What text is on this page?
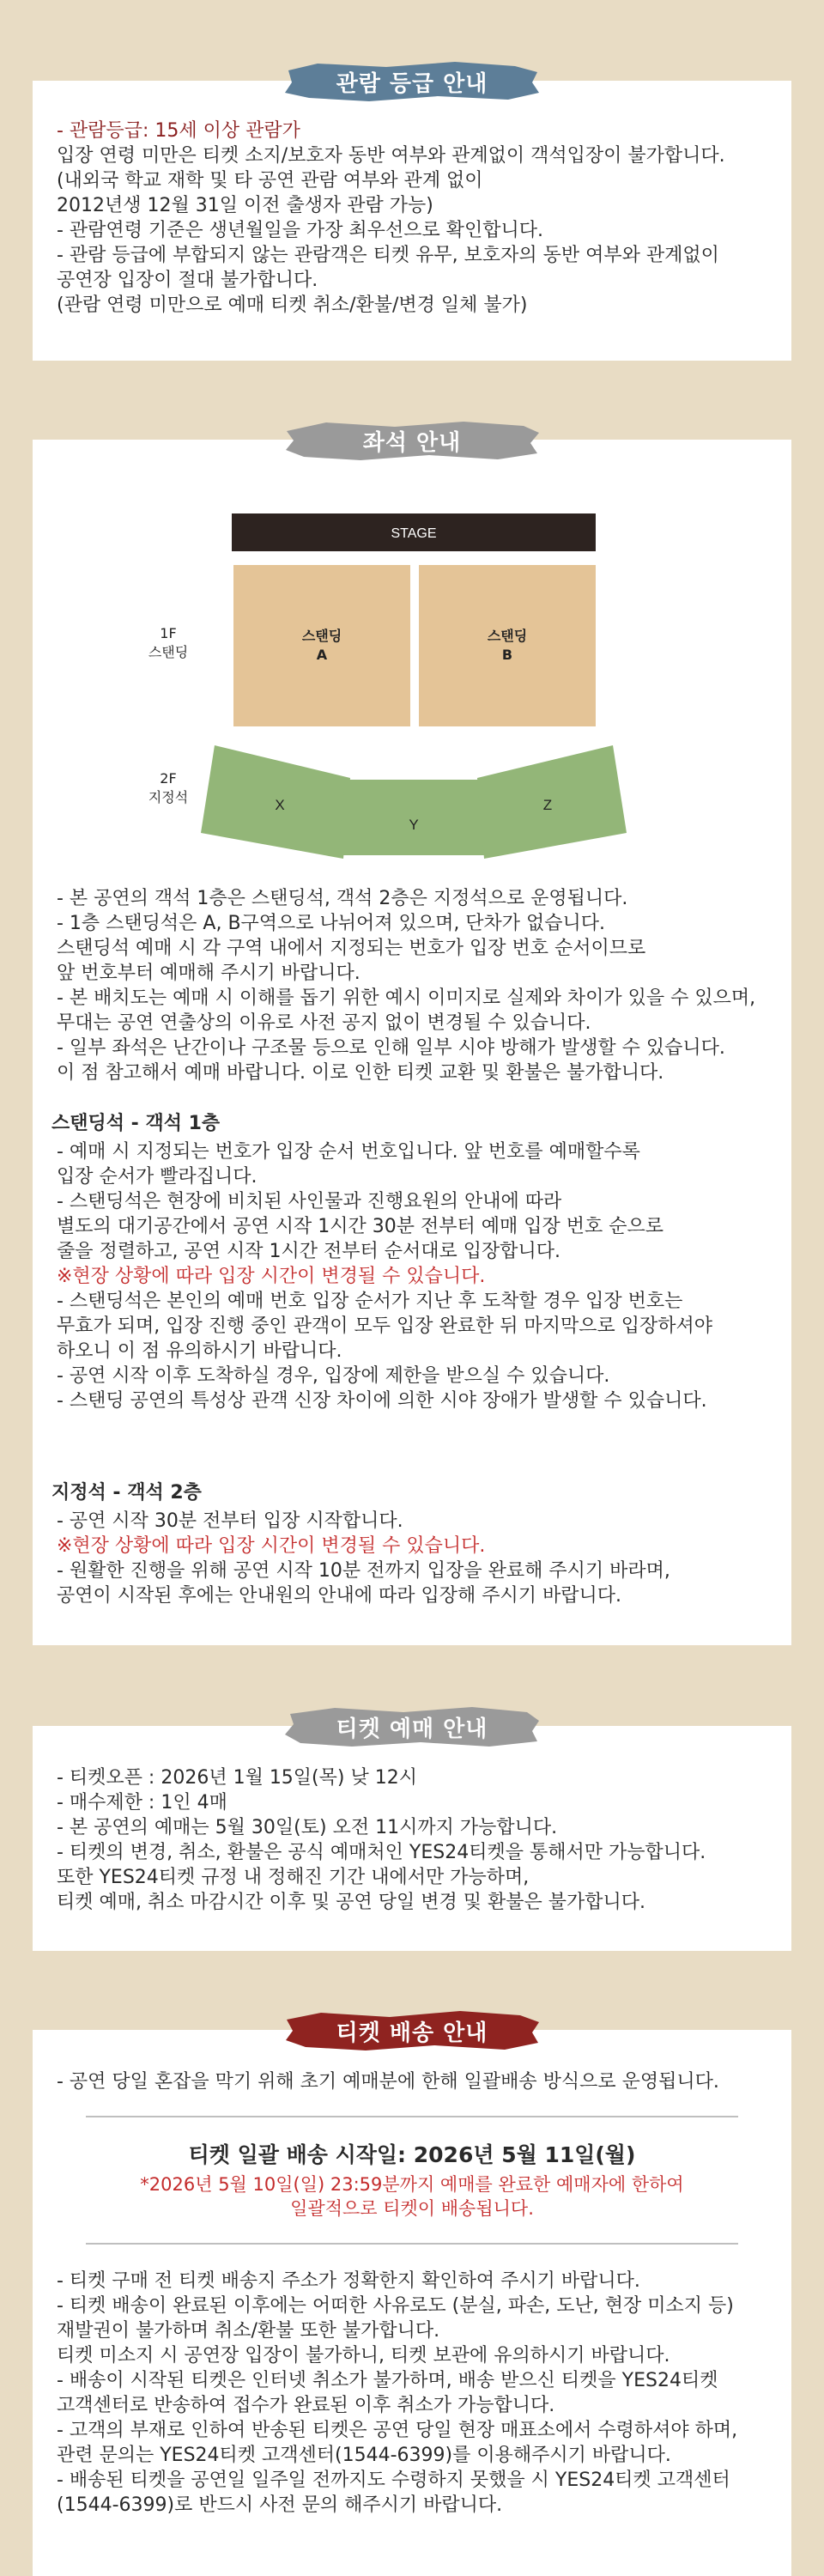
관람 등급 안내
- 관람등급: 15세 이상 관람가
입장 연령 미만은 티켓 소지/보호자 동반 여부와 관계없이 객석입장이 불가합니다.
(내외국 학교 재학 및 타 공연 관람 여부와 관계 없이
2012년생 12월 31일 이전 출생자 관람 가능)
- 관람연령 기준은 생년월일을 가장 최우선으로 확인합니다.
- 관람 등급에 부합되지 않는 관람객은 티켓 유무, 보호자의 동반 여부와 관계없이
공연장 입장이 절대 불가합니다.
(관람 연령 미만으로 예매 티켓 취소/환불/변경 일체 불가)
좌석 안내
STAGE
스탠딩
A
스탠딩
B
1F
스탠딩
X
Y
Z
2F
지정석
- 본 공연의 객석 1층은 스탠딩석, 객석 2층은 지정석으로 운영됩니다.
- 1층 스탠딩석은 A, B구역으로 나뉘어져 있으며, 단차가 없습니다.
스탠딩석 예매 시 각 구역 내에서 지정되는 번호가 입장 번호 순서이므로
앞 번호부터 예매해 주시기 바랍니다.
- 본 배치도는 예매 시 이해를 돕기 위한 예시 이미지로 실제와 차이가 있을 수 있으며,
무대는 공연 연출상의 이유로 사전 공지 없이 변경될 수 있습니다.
- 일부 좌석은 난간이나 구조물 등으로 인해 일부 시야 방해가 발생할 수 있습니다.
이 점 참고해서 예매 바랍니다. 이로 인한 티켓 교환 및 환불은 불가합니다.
스탠딩석 - 객석 1층
- 예매 시 지정되는 번호가 입장 순서 번호입니다. 앞 번호를 예매할수록
입장 순서가 빨라집니다.
- 스탠딩석은 현장에 비치된 사인물과 진행요원의 안내에 따라
별도의 대기공간에서 공연 시작 1시간 30분 전부터 예매 입장 번호 순으로
줄을 정렬하고, 공연 시작 1시간 전부터 순서대로 입장합니다.
※현장 상황에 따라 입장 시간이 변경될 수 있습니다.
- 스탠딩석은 본인의 예매 번호 입장 순서가 지난 후 도착할 경우 입장 번호는
무효가 되며, 입장 진행 중인 관객이 모두 입장 완료한 뒤 마지막으로 입장하셔야
하오니 이 점 유의하시기 바랍니다.
- 공연 시작 이후 도착하실 경우, 입장에 제한을 받으실 수 있습니다.
- 스탠딩 공연의 특성상 관객 신장 차이에 의한 시야 장애가 발생할 수 있습니다.
지정석 - 객석 2층
- 공연 시작 30분 전부터 입장 시작합니다.
※현장 상황에 따라 입장 시간이 변경될 수 있습니다.
- 원활한 진행을 위해 공연 시작 10분 전까지 입장을 완료해 주시기 바라며,
공연이 시작된 후에는 안내원의 안내에 따라 입장해 주시기 바랍니다.
티켓 예매 안내
- 티켓오픈 : 2026년 1월 15일(목) 낮 12시
- 매수제한 : 1인 4매
- 본 공연의 예매는 5월 30일(토) 오전 11시까지 가능합니다.
- 티켓의 변경, 취소, 환불은 공식 예매처인 YES24티켓을 통해서만 가능합니다.
또한 YES24티켓 규정 내 정해진 기간 내에서만 가능하며,
티켓 예매, 취소 마감시간 이후 및 공연 당일 변경 및 환불은 불가합니다.
티켓 배송 안내
- 공연 당일 혼잡을 막기 위해 초기 예매분에 한해 일괄배송 방식으로 운영됩니다.
티켓 일괄 배송 시작일: 2026년 5월 11일(월)
*2026년 5월 10일(일) 23:59분까지 예매를 완료한 예매자에 한하여
일괄적으로 티켓이 배송됩니다.
- 티켓 구매 전 티켓 배송지 주소가 정확한지 확인하여 주시기 바랍니다.
- 티켓 배송이 완료된 이후에는 어떠한 사유로도 (분실, 파손, 도난, 현장 미소지 등)
재발권이 불가하며 취소/환불 또한 불가합니다.
티켓 미소지 시 공연장 입장이 불가하니, 티켓 보관에 유의하시기 바랍니다.
- 배송이 시작된 티켓은 인터넷 취소가 불가하며, 배송 받으신 티켓을 YES24티켓
고객센터로 반송하여 접수가 완료된 이후 취소가 가능합니다.
- 고객의 부재로 인하여 반송된 티켓은 공연 당일 현장 매표소에서 수령하셔야 하며,
관련 문의는 YES24티켓 고객센터(1544-6399)를 이용해주시기 바랍니다.
- 배송된 티켓을 공연일 일주일 전까지도 수령하지 못했을 시 YES24티켓 고객센터
(1544-6399)로 반드시 사전 문의 해주시기 바랍니다.
